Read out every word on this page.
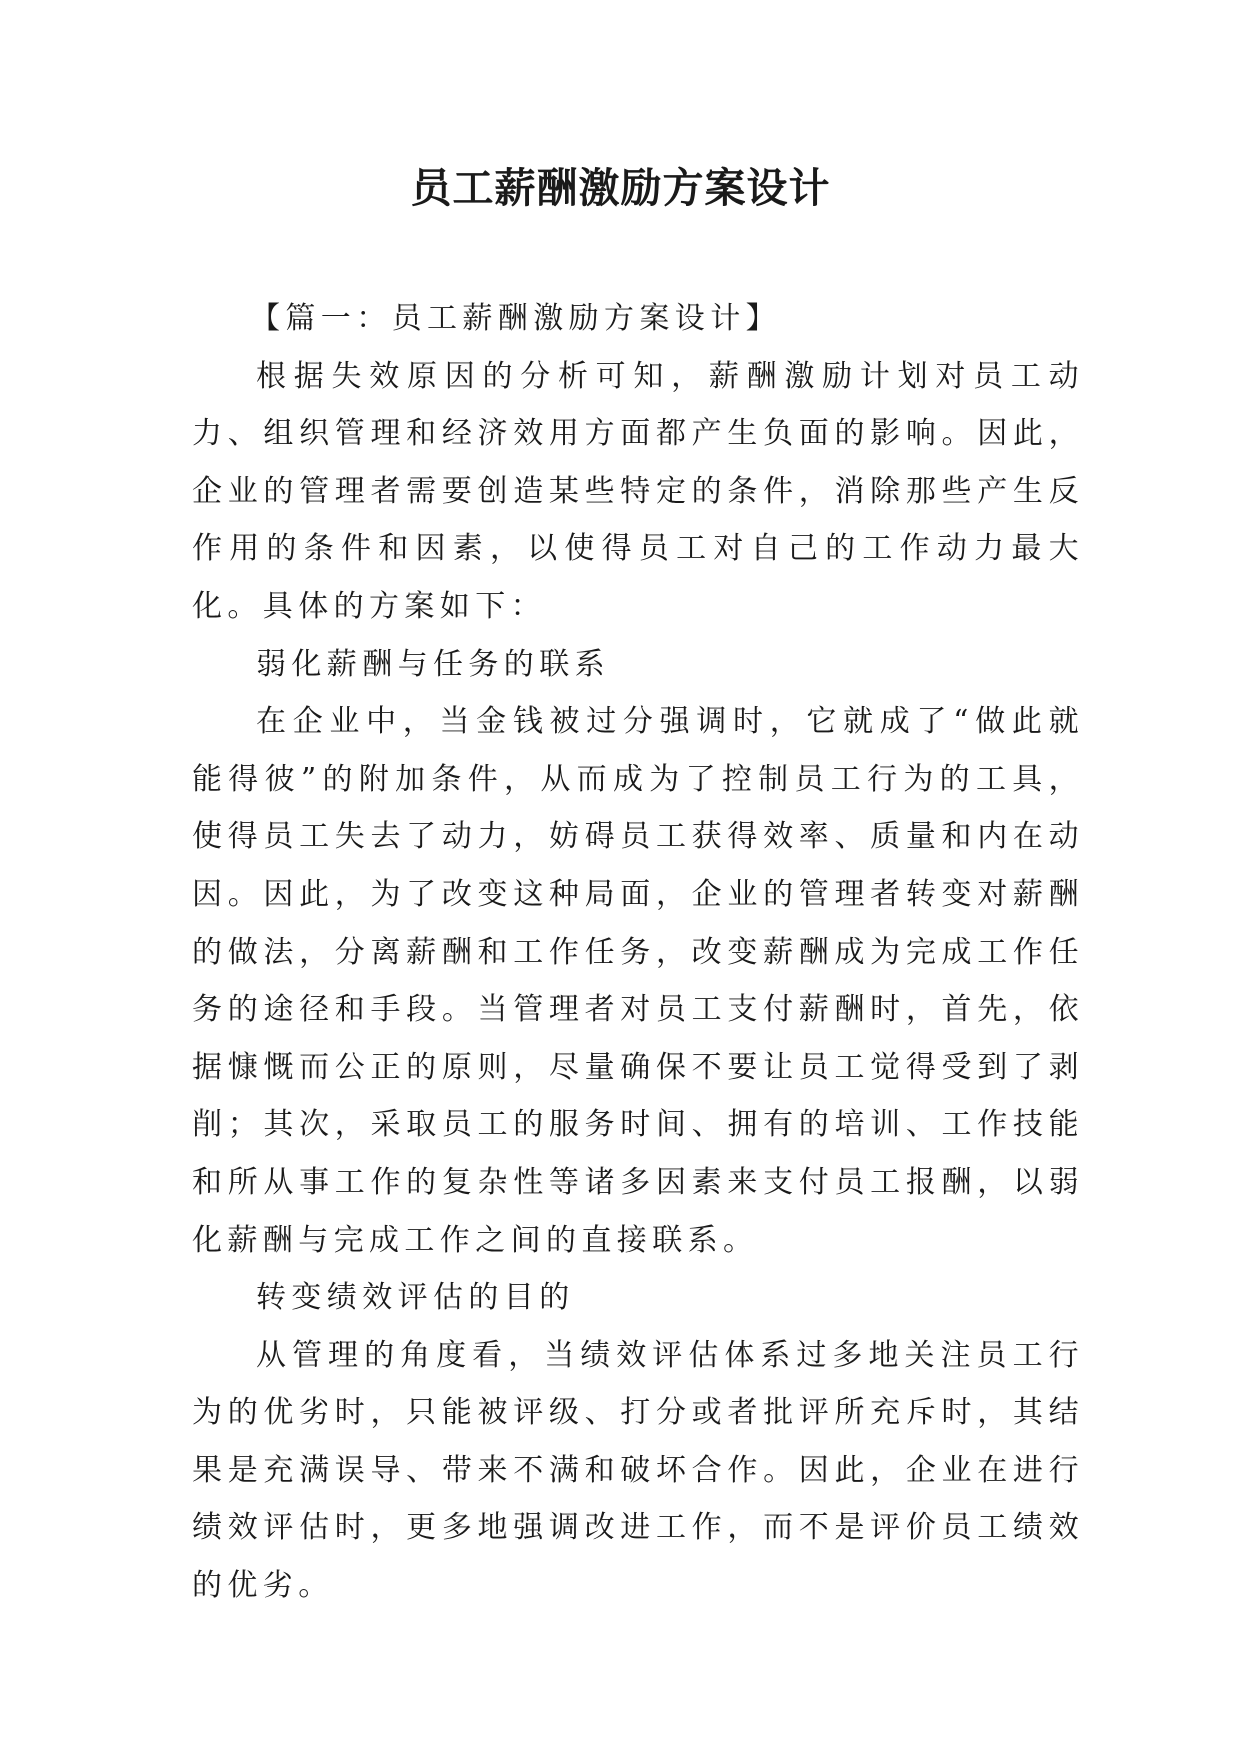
员工薪酬激励方案设计

【篇一：员工薪酬激励方案设计】

根据失效原因的分析可知，薪酬激励计划对员工动力、组织管理和经济效用方面都产生负面的影响。因此，企业的管理者需要创造某些特定的条件，消除那些产生反作用的条件和因素，以使得员工对自己的工作动力最大化。具体的方案如下：

弱化薪酬与任务的联系

在企业中，当金钱被过分强调时，它就成了“做此就能得彼”的附加条件，从而成为了控制员工行为的工具，使得员工失去了动力，妨碍员工获得效率、质量和内在动因。因此，为了改变这种局面，企业的管理者转变对薪酬的做法，分离薪酬和工作任务，改变薪酬成为完成工作任务的途径和手段。当管理者对员工支付薪酬时，首先，依据慷慨而公正的原则，尽量确保不要让员工觉得受到了剥削；其次，采取员工的服务时间、拥有的培训、工作技能和所从事工作的复杂性等诸多因素来支付员工报酬，以弱化薪酬与完成工作之间的直接联系。

转变绩效评估的目的

从管理的角度看，当绩效评估体系过多地关注员工行为的优劣时，只能被评级、打分或者批评所充斥时，其结果是充满误导、带来不满和破坏合作。因此，企业在进行绩效评估时，更多地强调改进工作，而不是评价员工绩效的优劣。
